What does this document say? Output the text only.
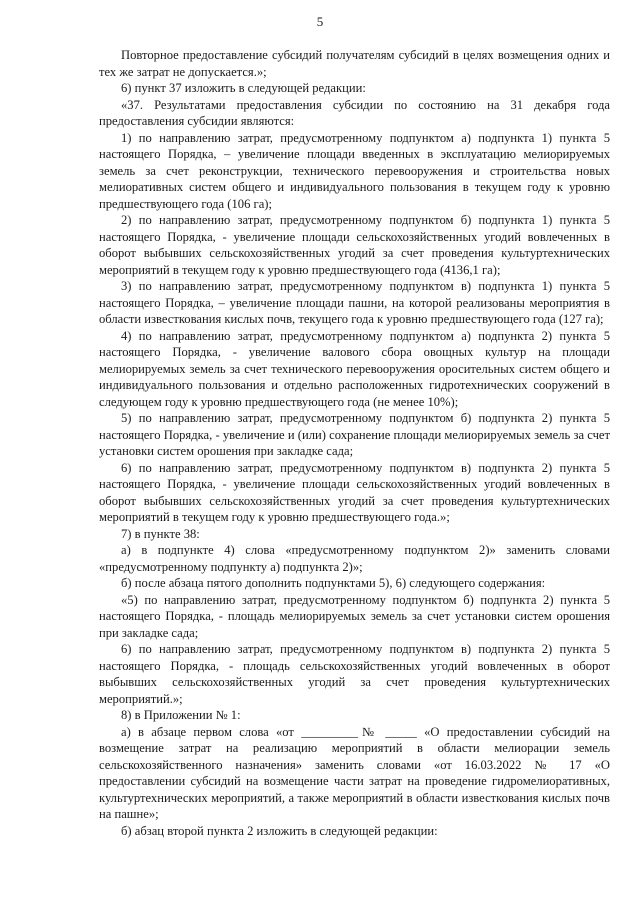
5

Повторное предоставление субсидий получателям субсидий в целях возмещения одних и тех же затрат не допускается.»;

6) пункт 37 изложить в следующей редакции:

«37. Результатами предоставления субсидии по состоянию на 31 декабря года предоставления субсидии являются:

1) по направлению затрат, предусмотренному подпунктом а) подпункта 1) пункта 5 настоящего Порядка, – увеличение площади введенных в эксплуатацию мелиорируемых земель за счет реконструкции, технического перевооружения и строительства новых мелиоративных систем общего и индивидуального пользования в текущем году к уровню предшествующего года (106 га);

2) по направлению затрат, предусмотренному подпунктом б) подпункта 1) пункта 5 настоящего Порядка, - увеличение площади сельскохозяйственных угодий вовлеченных в оборот выбывших сельскохозяйственных угодий за счет проведения культуртехнических мероприятий в текущем году к уровню предшествующего года (4136,1 га);

3) по направлению затрат, предусмотренному подпунктом в) подпункта 1) пункта 5 настоящего Порядка, – увеличение площади пашни, на которой реализованы мероприятия в области известкования кислых почв, текущего года к уровню предшествующего года (127 га);

4) по направлению затрат, предусмотренному подпунктом а) подпункта 2) пункта 5 настоящего Порядка, - увеличение валового сбора овощных культур на площади мелиорируемых земель за счет технического перевооружения оросительных систем общего и индивидуального пользования и отдельно расположенных гидротехнических сооружений в следующем году к уровню предшествующего года (не менее 10%);

5) по направлению затрат, предусмотренному подпунктом б) подпункта 2) пункта 5 настоящего Порядка, - увеличение и (или) сохранение площади мелиорируемых земель за счет установки систем орошения при закладке сада;

6) по направлению затрат, предусмотренному подпунктом в) подпункта 2) пункта 5 настоящего Порядка, - увеличение площади сельскохозяйственных угодий вовлеченных в оборот выбывших сельскохозяйственных угодий за счет проведения культуртехнических мероприятий в текущем году к уровню предшествующего года.»;

7) в пункте 38:

а) в подпункте 4) слова «предусмотренному подпунктом 2)» заменить словами «предусмотренному подпункту а) подпункта 2)»;

б) после абзаца пятого дополнить подпунктами 5), 6) следующего содержания:

«5) по направлению затрат, предусмотренному подпунктом б) подпункта 2) пункта 5 настоящего Порядка, - площадь мелиорируемых земель за счет установки систем орошения при закладке сада;

6) по направлению затрат, предусмотренному подпунктом в) подпункта 2) пункта 5 настоящего Порядка, - площадь сельскохозяйственных угодий вовлеченных в оборот выбывших сельскохозяйственных угодий за счет проведения культуртехнических мероприятий.»;

8) в Приложении № 1:

а) в абзаце первом слова «от _________№ _____ «О предоставлении субсидий на возмещение затрат на реализацию мероприятий в области мелиорации земель сельскохозяйственного назначения» заменить словами «от 16.03.2022 № 17 «О предоставлении субсидий на возмещение части затрат на проведение гидромелиоративных, культуртехнических мероприятий, а также мероприятий в области известкования кислых почв на пашне»;

б) абзац второй пункта 2 изложить в следующей редакции:
